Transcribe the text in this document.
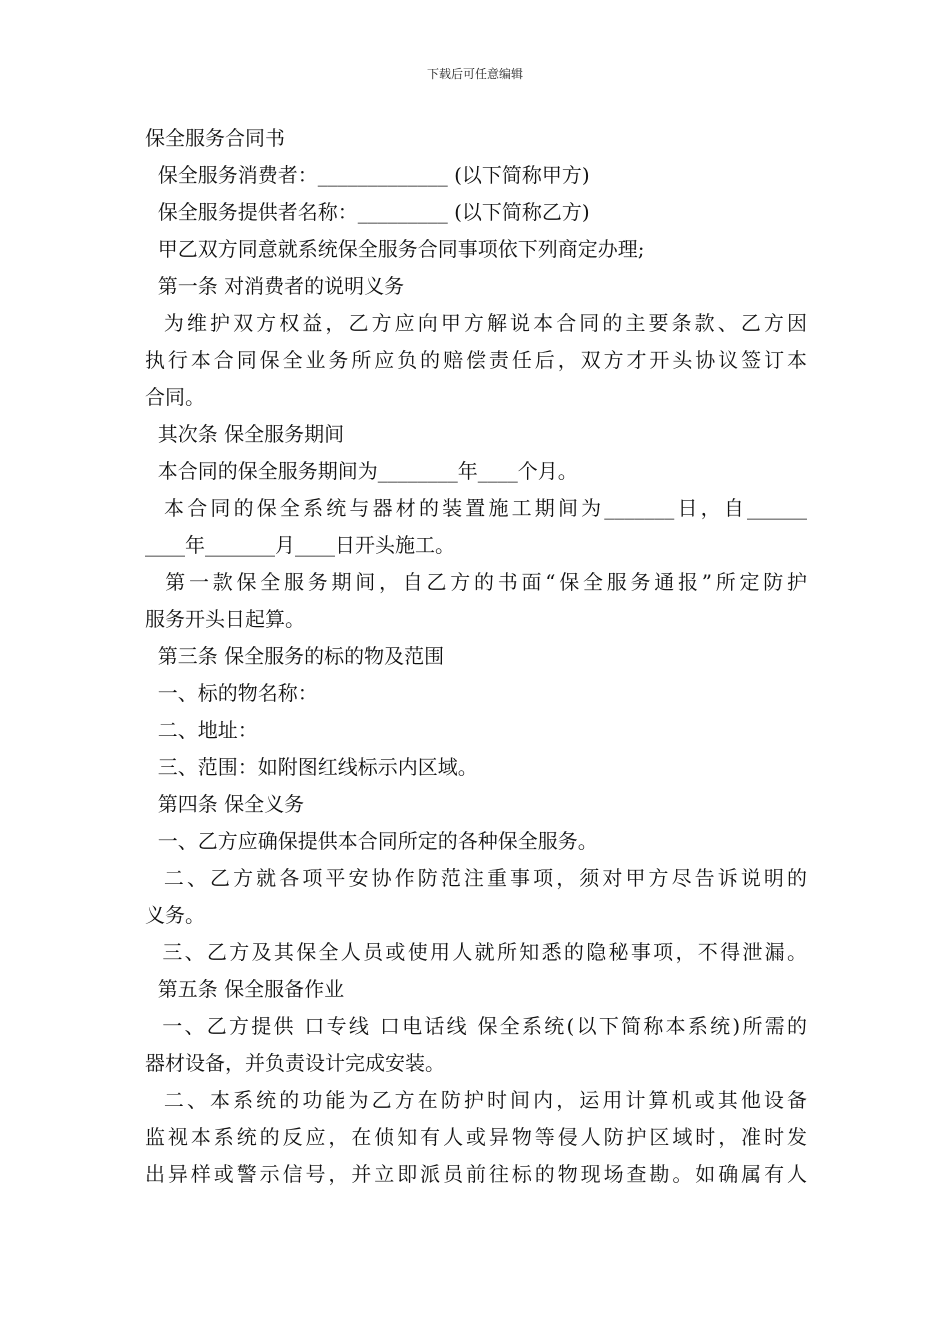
下载后可任意编辑
保全服务合同书
保全服务消费者：_____________ (以下简称甲方)
保全服务提供者名称：_________ (以下简称乙方)
甲乙双方同意就系统保全服务合同事项依下列商定办理;
第一条 对消费者的说明义务
为维护双方权益，乙方应向甲方解说本合同的主要条款、乙方因
执行本合同保全业务所应负的赔偿责任后，双方才开头协议签订本
合同。
其次条 保全服务期间
本合同的保全服务期间为________年____个月。
本合同的保全系统与器材的装置施工期间为_______日，自______
____年_______月____日开头施工。
第一款保全服务期间，自乙方的书面“保全服务通报”所定防护
服务开头日起算。
第三条 保全服务的标的物及范围
一、标的物名称：
二、地址：
三、范围：如附图红线标示内区域。
第四条 保全义务
一、乙方应确保提供本合同所定的各种保全服务。
二、乙方就各项平安协作防范注重事项，须对甲方尽告诉说明的
义务。
三、乙方及其保全人员或使用人就所知悉的隐秘事项，不得泄漏。
第五条 保全服备作业
一、乙方提供 口专线 口电话线 保全系统(以下简称本系统)所需的
器材设备，并负责设计完成安装。
二、本系统的功能为乙方在防护时间内，运用计算机或其他设备
监视本系统的反应，在侦知有人或异物等侵人防护区域时，准时发
出异样或警示信号，并立即派员前往标的物现场查勘。如确属有人
